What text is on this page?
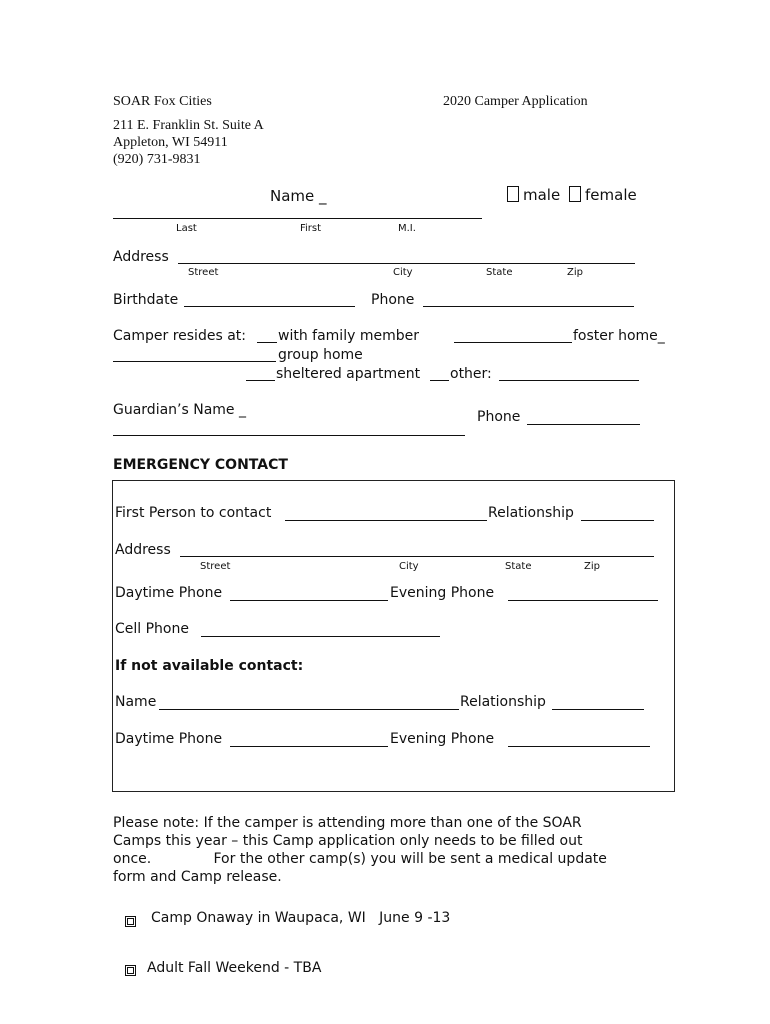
SOAR Fox Cities	2020 Camper Application
211 E. Franklin St. Suite A
Appleton, WI 54911
(920) 731-9831
Name _	male	female
Last	First	M.I.
Address
Street	City	State	Zip
Birthdate	Phone
Camper resides at: with family member	foster home_
group home
sheltered apartment other:
Guardian’s Name _	Phone
EMERGENCY CONTACT
First Person to contact	Relationship
Address
Street	City	State	Zip
Daytime Phone	Evening Phone
Cell Phone
If not available contact:
Name	Relationship
Daytime Phone	Evening Phone

Please note: If the camper is attending more than one of the SOAR Camps this year – this Camp application only needs to be filled out once.              For the other camp(s) you will be sent a medical update form and Camp release.

Camp Onaway in Waupaca, WI   June 9 -13
Adult Fall Weekend - TBA
